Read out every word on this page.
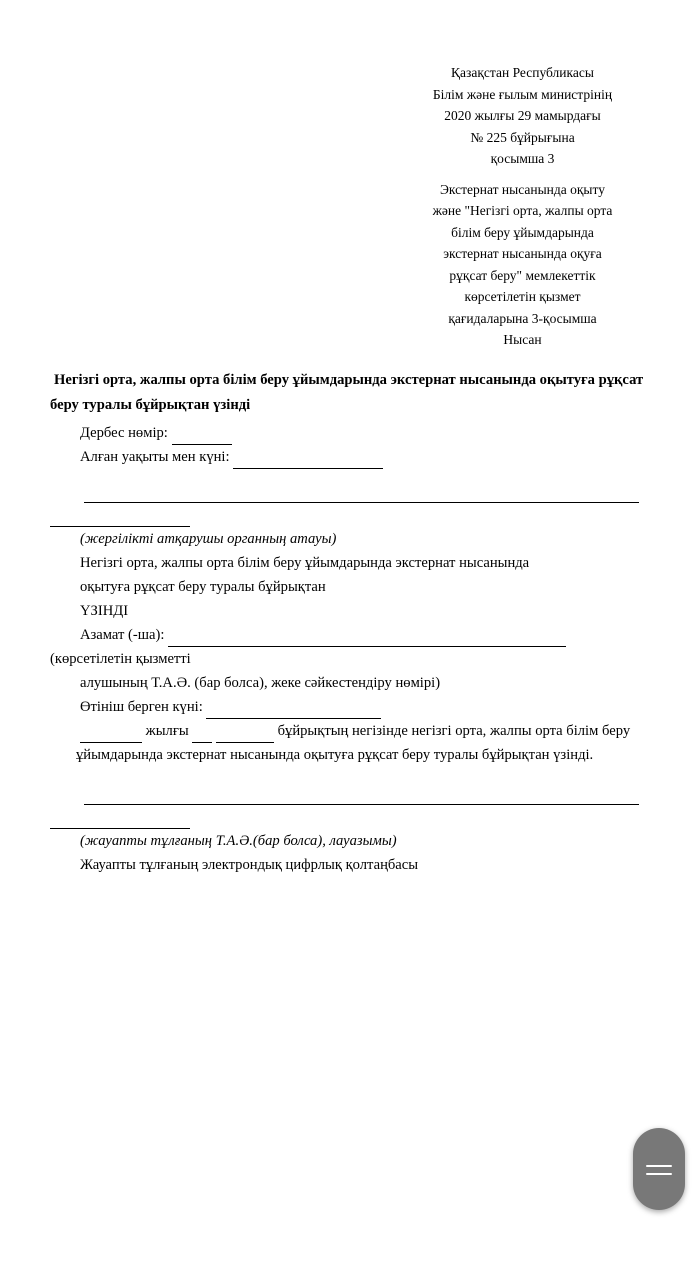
Қазақстан Республикасы
Білім және ғылым министрінің
2020 жылғы 29 мамырдағы
№ 225 бұйрығына
қосымша 3
Экстернат нысанында оқыту
және "Негізгі орта, жалпы орта
білім беру ұйымдарында
экстернат нысанында оқуға
рұқсат беру" мемлекеттік
көрсетілетін қызмет
қағидаларына 3-қосымша
Нысан

Негізгі орта, жалпы орта білім беру ұйымдарында экстернат нысанында оқытуға рұқсат беру туралы бұйрықтан үзінді

Дербес нөмір:

Алған уақыты мен күні:

(жергілікті атқарушы органның атауы)

Негізгі орта, жалпы орта білім беру ұйымдарында экстернат нысанында

оқытуға рұқсат беру туралы бұйрықтан

ҮЗІНДІ

Азамат (-ша):

(көрсетілетін қызметті

алушының Т.А.Ә. (бар болса), жеке сәйкестендіру нөмірі)

Өтініш берген күні:

жылғы	бұйрықтың негізінде негізгі орта, жалпы орта білім беру

ұйымдарында экстернат нысанында оқытуға рұқсат беру туралы бұйрықтан үзінді.

(жауапты тұлғаның Т.А.Ә.(бар болса), лауазымы)

Жауапты тұлғаның электрондық цифрлық қолтаңбасы
